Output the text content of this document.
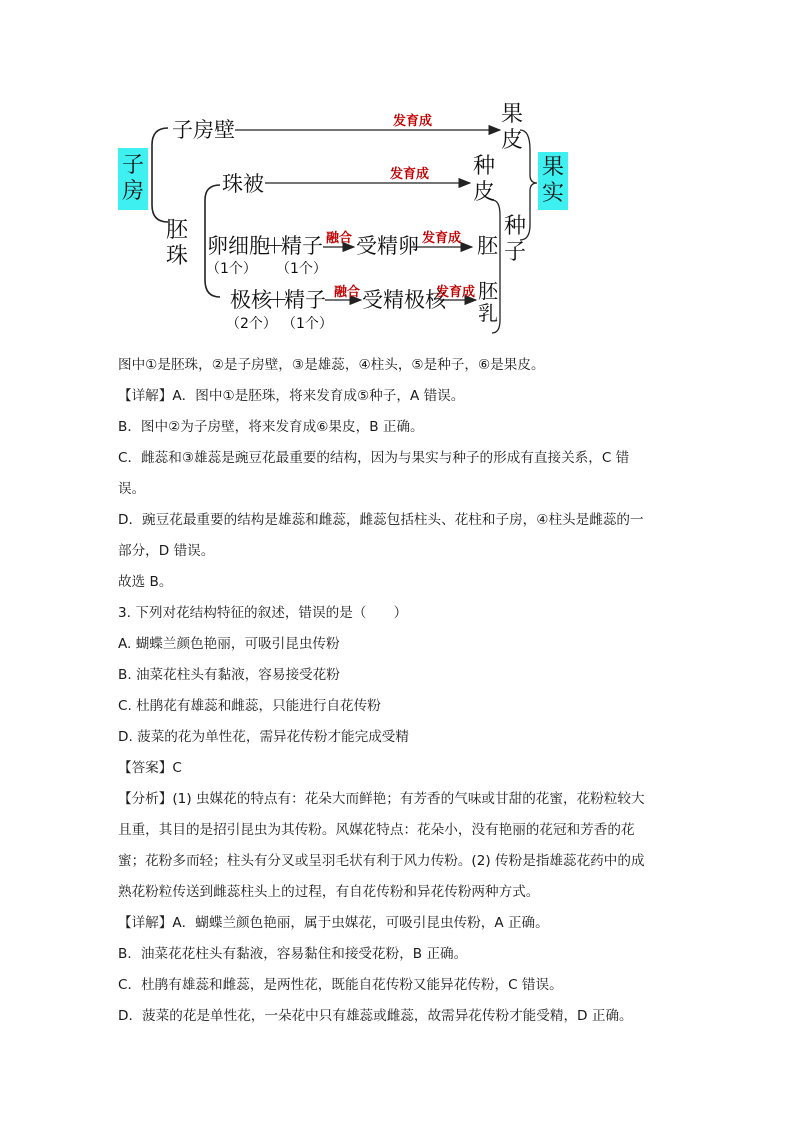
子房
子房壁
果皮
果实
珠被
种皮
胚珠 卵细胞
＋
精子
（1个） （1个）
融合 受精卵 发育成 胚
种子
极核
＋
精子
（2个） （1个）
融合 受精极核
发育成 胚乳
发育成
发育成
图中①是胚珠，②是子房壁，③是雄蕊，④柱头，⑤是种子，⑥是果皮。
【详解】A．图中①是胚珠，将来发育成⑤种子，A 错误。
B．图中②为子房壁，将来发育成⑥果皮，B 正确。
C．雌蕊和③雄蕊是豌豆花最重要的结构，因为与果实与种子的形成有直接关系，C 错
误。
D．豌豆花最重要的结构是雄蕊和雌蕊，雌蕊包括柱头、花柱和子房，④柱头是雌蕊的一
部分，D 错误。
故选 B。
3. 下列对花结构特征的叙述，错误的是（　　）
A. 蝴蝶兰颜色艳丽，可吸引昆虫传粉
B. 油菜花柱头有黏液，容易接受花粉
C. 杜鹃花有雄蕊和雌蕊，只能进行自花传粉
D. 菠菜的花为单性花，需异花传粉才能完成受精
【答案】C
【分析】(1) 虫媒花的特点有：花朵大而鲜艳；有芳香的气味或甘甜的花蜜，花粉粒较大
且重，其目的是招引昆虫为其传粉。风媒花特点：花朵小，没有艳丽的花冠和芳香的花
蜜；花粉多而轻；柱头有分叉或呈羽毛状有利于风力传粉。(2) 传粉是指雄蕊花药中的成
熟花粉粒传送到雌蕊柱头上的过程，有自花传粉和异花传粉两种方式。
【详解】A．蝴蝶兰颜色艳丽，属于虫媒花，可吸引昆虫传粉，A 正确。
B．油菜花花柱头有黏液，容易黏住和接受花粉，B 正确。
C．杜鹃有雄蕊和雌蕊，是两性花，既能自花传粉又能异花传粉，C 错误。
D．菠菜的花是单性花，一朵花中只有雄蕊或雌蕊，故需异花传粉才能受精，D 正确。
